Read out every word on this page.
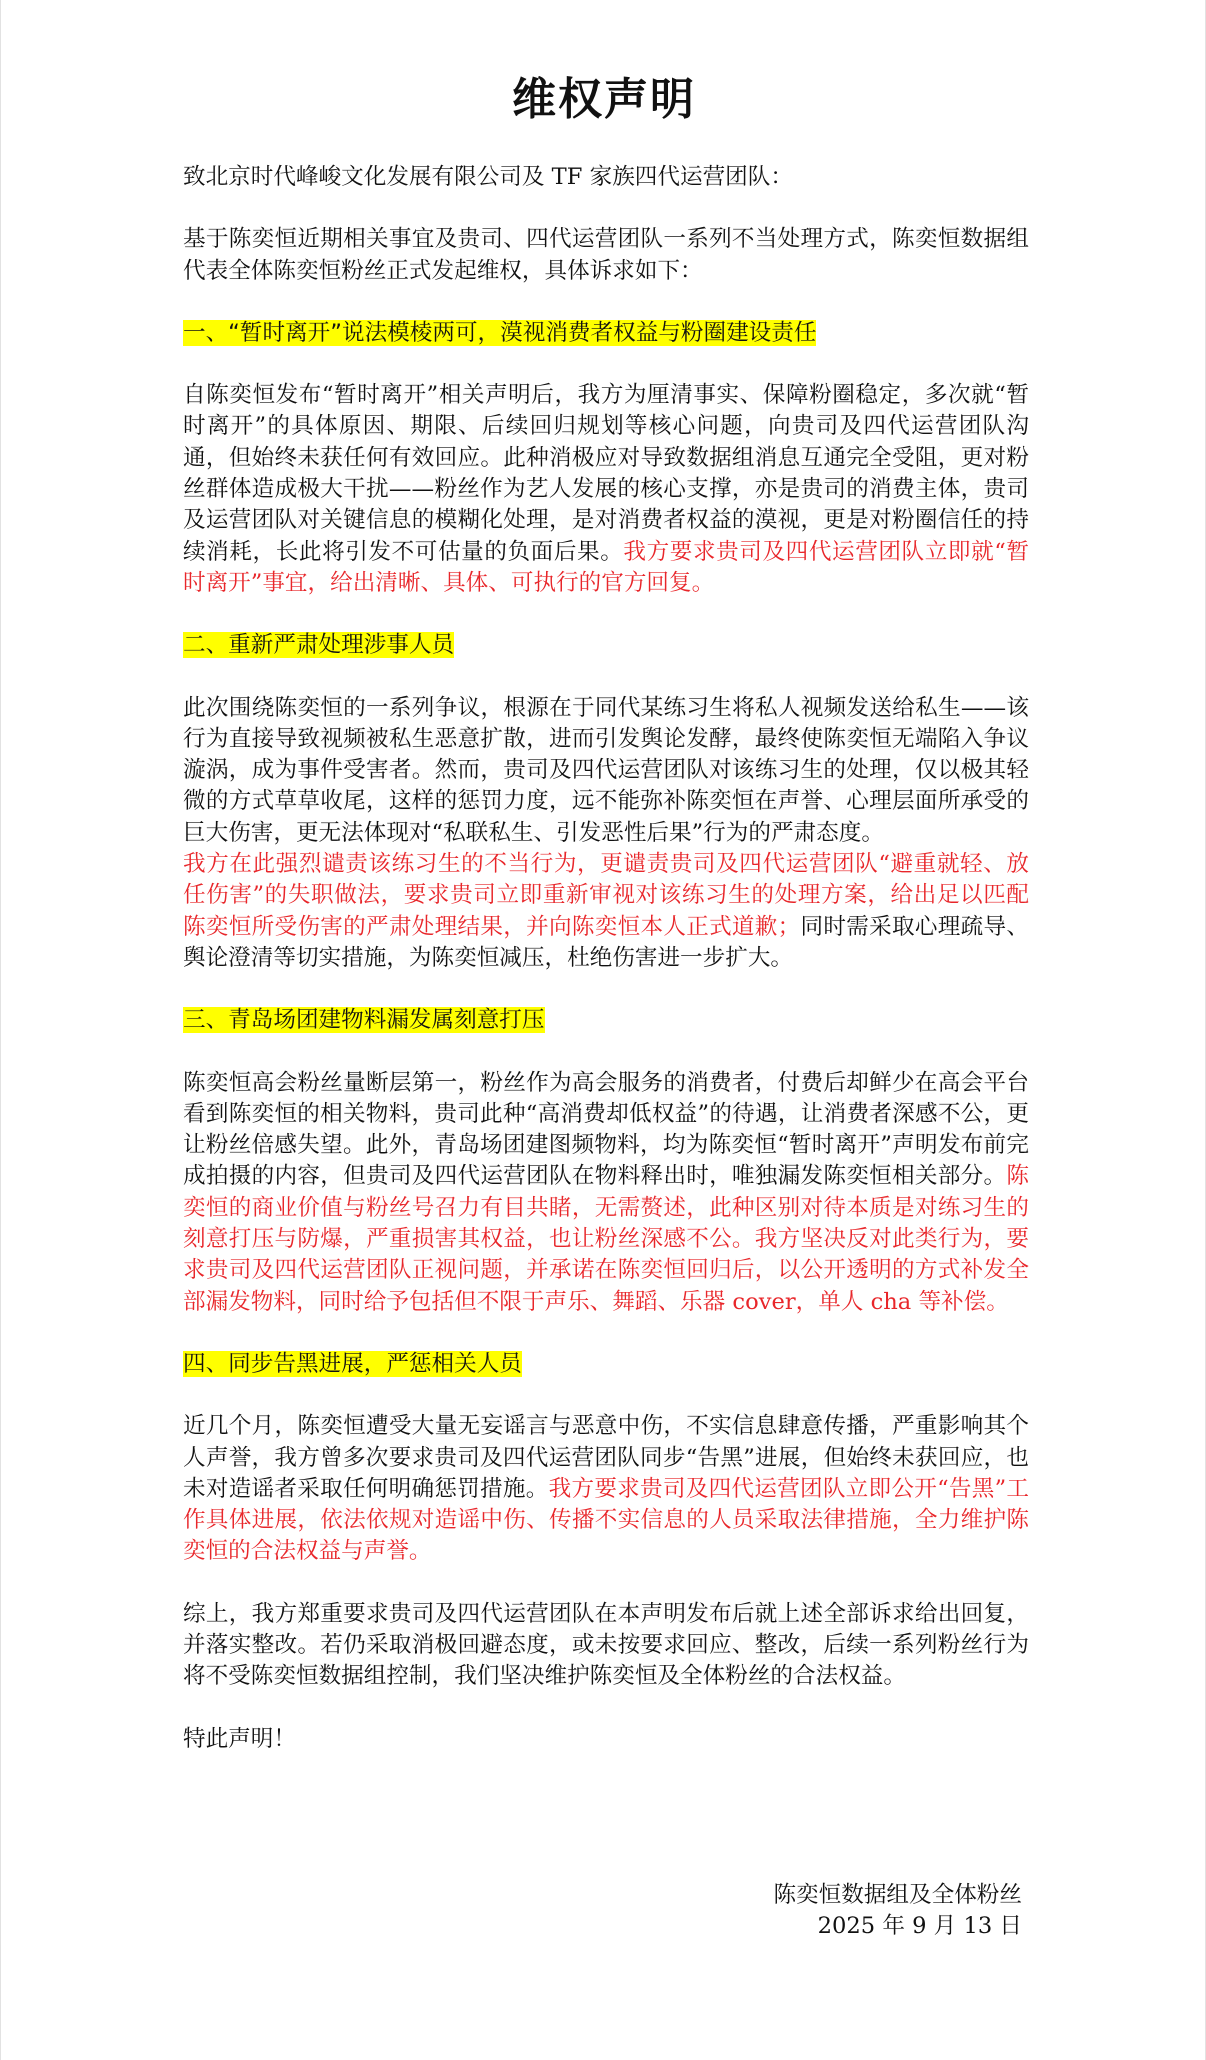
维权声明

致北京时代峰峻文化发展有限公司及 TF 家族四代运营团队：

基于陈奕恒近期相关事宜及贵司、四代运营团队一系列不当处理方式，陈奕恒数据组代表全体陈奕恒粉丝正式发起维权，具体诉求如下：

一、“暂时离开”说法模棱两可，漠视消费者权益与粉圈建设责任

自陈奕恒发布“暂时离开”相关声明后，我方为厘清事实、保障粉圈稳定，多次就“暂时离开”的具体原因、期限、后续回归规划等核心问题，向贵司及四代运营团队沟通，但始终未获任何有效回应。此种消极应对导致数据组消息互通完全受阻，更对粉丝群体造成极大干扰——粉丝作为艺人发展的核心支撑，亦是贵司的消费主体，贵司及运营团队对关键信息的模糊化处理，是对消费者权益的漠视，更是对粉圈信任的持续消耗，长此将引发不可估量的负面后果。我方要求贵司及四代运营团队立即就“暂时离开”事宜，给出清晰、具体、可执行的官方回复。

二、重新严肃处理涉事人员

此次围绕陈奕恒的一系列争议，根源在于同代某练习生将私人视频发送给私生——该行为直接导致视频被私生恶意扩散，进而引发舆论发酵，最终使陈奕恒无端陷入争议漩涡，成为事件受害者。然而，贵司及四代运营团队对该练习生的处理，仅以极其轻微的方式草草收尾，这样的惩罚力度，远不能弥补陈奕恒在声誉、心理层面所承受的巨大伤害，更无法体现对“私联私生、引发恶性后果”行为的严肃态度。

我方在此强烈谴责该练习生的不当行为，更谴责贵司及四代运营团队“避重就轻、放任伤害”的失职做法，要求贵司立即重新审视对该练习生的处理方案，给出足以匹配陈奕恒所受伤害的严肃处理结果，并向陈奕恒本人正式道歉；同时需采取心理疏导、舆论澄清等切实措施，为陈奕恒减压，杜绝伤害进一步扩大。

三、青岛场团建物料漏发属刻意打压

陈奕恒高会粉丝量断层第一，粉丝作为高会服务的消费者，付费后却鲜少在高会平台看到陈奕恒的相关物料，贵司此种“高消费却低权益”的待遇，让消费者深感不公，更让粉丝倍感失望。此外，青岛场团建图频物料，均为陈奕恒“暂时离开”声明发布前完成拍摄的内容，但贵司及四代运营团队在物料释出时，唯独漏发陈奕恒相关部分。陈奕恒的商业价值与粉丝号召力有目共睹，无需赘述，此种区别对待本质是对练习生的刻意打压与防爆，严重损害其权益，也让粉丝深感不公。我方坚决反对此类行为，要求贵司及四代运营团队正视问题，并承诺在陈奕恒回归后，以公开透明的方式补发全部漏发物料，同时给予包括但不限于声乐、舞蹈、乐器 cover，单人 cha 等补偿。

四、同步告黑进展，严惩相关人员

近几个月，陈奕恒遭受大量无妄谣言与恶意中伤，不实信息肆意传播，严重影响其个人声誉，我方曾多次要求贵司及四代运营团队同步“告黑”进展，但始终未获回应，也未对造谣者采取任何明确惩罚措施。我方要求贵司及四代运营团队立即公开“告黑”工作具体进展，依法依规对造谣中伤、传播不实信息的人员采取法律措施，全力维护陈奕恒的合法权益与声誉。

综上，我方郑重要求贵司及四代运营团队在本声明发布后就上述全部诉求给出回复，并落实整改。若仍采取消极回避态度，或未按要求回应、整改，后续一系列粉丝行为将不受陈奕恒数据组控制，我们坚决维护陈奕恒及全体粉丝的合法权益。

特此声明！

陈奕恒数据组及全体粉丝

2025 年 9 月 13 日
